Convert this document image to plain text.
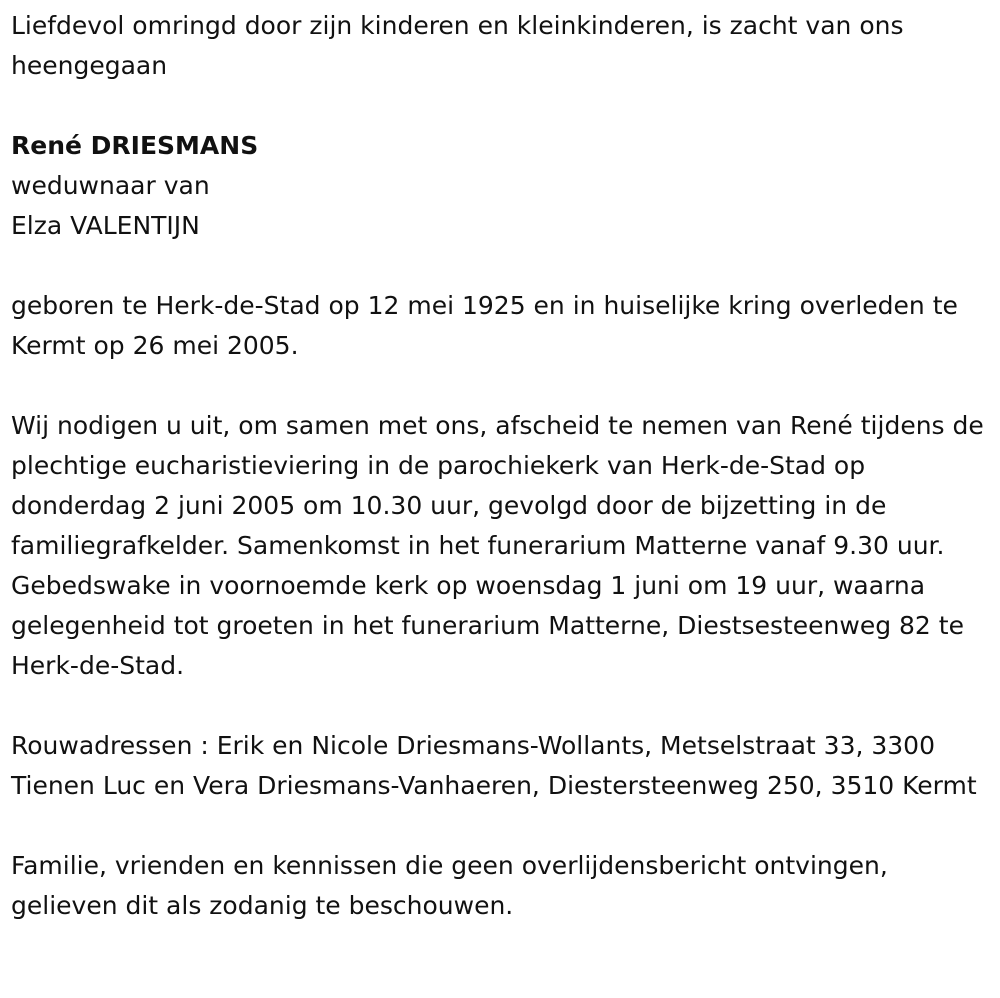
Liefdevol omringd door zijn kinderen en kleinkinderen, is zacht van ons heengegaan

René DRIESMANS

weduwnaar van

Elza VALENTIJN

geboren te Herk-de-Stad op 12 mei 1925 en in huiselijke kring overleden te Kermt op 26 mei 2005.

Wij nodigen u uit, om samen met ons, afscheid te nemen van René tijdens de plechtige eucharistieviering in de parochiekerk van Herk-de-Stad op donderdag 2 juni 2005 om 10.30 uur, gevolgd door de bijzetting in de familiegrafkelder. Samenkomst in het funerarium Matterne vanaf 9.30 uur. Gebedswake in voornoemde kerk op woensdag 1 juni om 19 uur, waarna gelegenheid tot groeten in het funerarium Matterne, Diestsesteenweg 82 te Herk-de-Stad.

Rouwadressen : Erik en Nicole Driesmans-Wollants, Metselstraat 33, 3300 Tienen Luc en Vera Driesmans-Vanhaeren, Diestersteenweg 250, 3510 Kermt

Familie, vrienden en kennissen die geen overlijdensbericht ontvingen, gelieven dit als zodanig te beschouwen.
